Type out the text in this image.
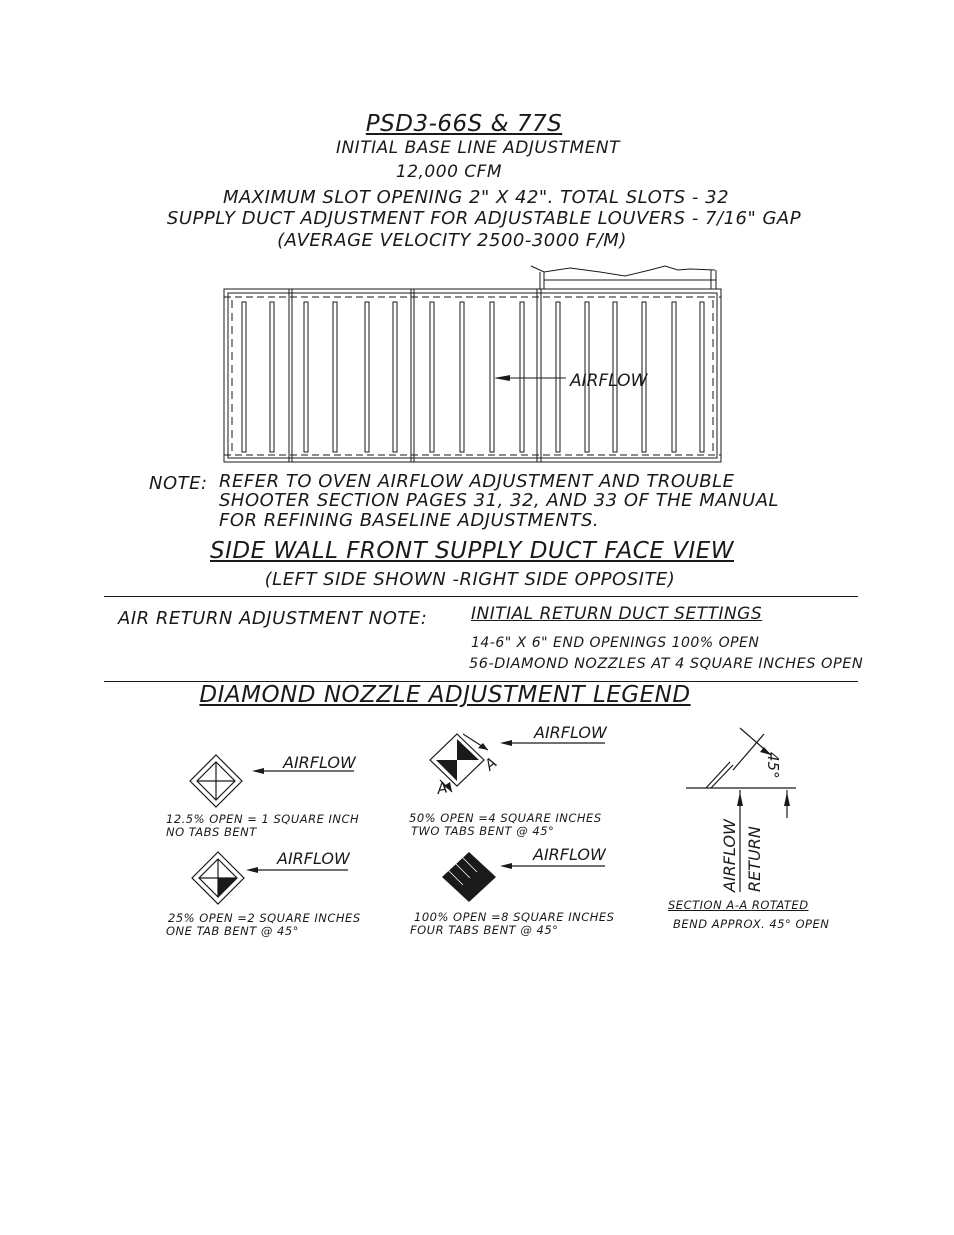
PSD3-66S & 77S
INITIAL BASE LINE ADJUSTMENT
12,000 CFM
MAXIMUM SLOT OPENING 2" X 42". TOTAL SLOTS - 32
SUPPLY DUCT ADJUSTMENT FOR ADJUSTABLE LOUVERS - 7/16" GAP
(AVERAGE VELOCITY 2500-3000 F/M)
AIRFLOW
NOTE: REFER TO OVEN AIRFLOW ADJUSTMENT AND TROUBLE
SHOOTER SECTION PAGES 31, 32, AND 33 OF THE MANUAL
FOR REFINING BASELINE ADJUSTMENTS.
SIDE WALL FRONT SUPPLY DUCT FACE VIEW
(LEFT SIDE SHOWN -RIGHT SIDE OPPOSITE)
AIR RETURN ADJUSTMENT NOTE:	INITIAL RETURN DUCT SETTINGS
14-6" X 6" END OPENINGS 100% OPEN
56-DIAMOND NOZZLES AT 4 SQUARE INCHES OPEN
DIAMOND NOZZLE ADJUSTMENT LEGEND
AIRFLOW
AIRFLOW
AIRFLOW
AIRFLOW
A
A
45°
AIRFLOW RETURN
12.5% OPEN = 1 SQUARE INCH
NO TABS BENT
25% OPEN =2 SQUARE INCHES
ONE TAB BENT @ 45°
50% OPEN =4 SQUARE INCHES
TWO TABS BENT @ 45°
100% OPEN =8 SQUARE INCHES
FOUR TABS BENT @ 45°
SECTION A-A ROTATED
BEND APPROX. 45° OPEN
